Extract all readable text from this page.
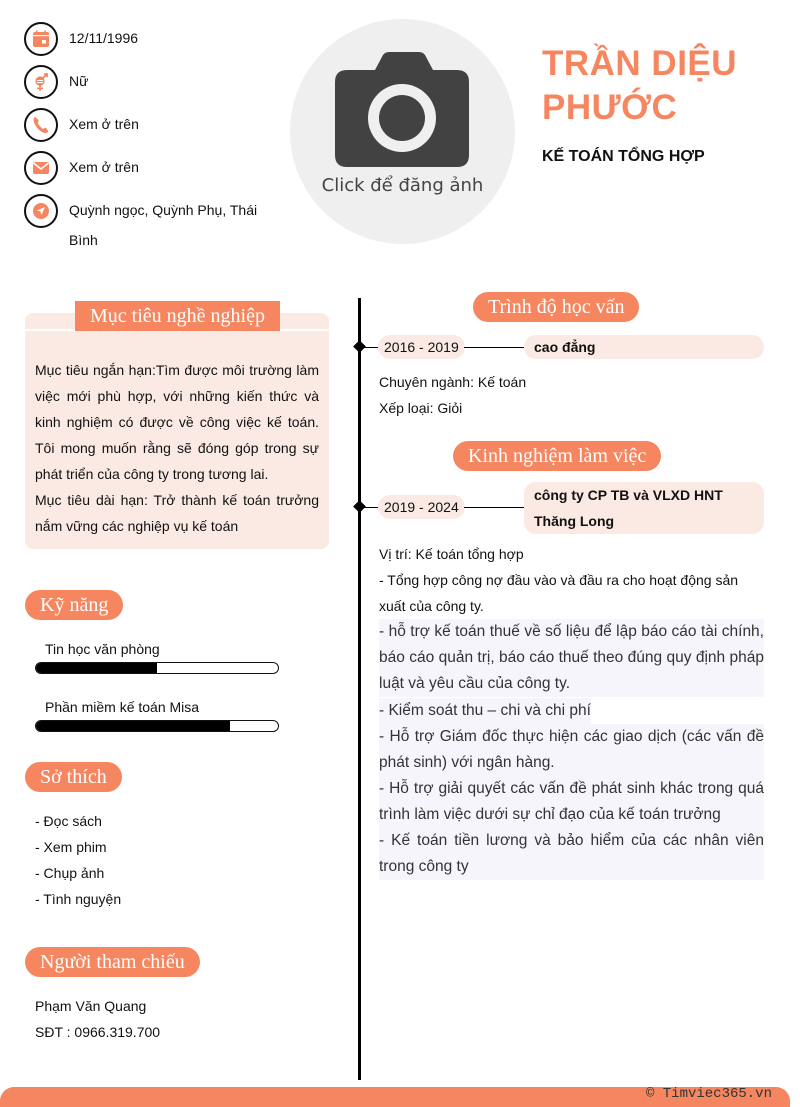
12/11/1996
Nữ
Xem ở trên
Xem ở trên
Quỳnh ngọc, Quỳnh Phụ, Thái Bình
Click để đăng ảnh
TRẦN DIỆU PHƯỚC
KẾ TOÁN TỔNG HỢP
Mục tiêu nghề nghiệp
Mục tiêu ngắn hạn:Tìm được môi trường làm việc mới phù hợp, với những kiến thức và kinh nghiệm có được về công việc kế toán. Tôi mong muốn rằng sẽ đóng góp trong sự phát triển của công ty trong tương lai.
Mục tiêu dài hạn: Trở thành kế toán trưởng nắm vững các nghiệp vụ kế toán
Kỹ năng
Tin học văn phòng
Phần miềm kế toán Misa
Sở thích
- Đọc sách
- Xem phim
- Chụp ảnh
- Tình nguyện
Người tham chiếu
Phạm Văn Quang
SĐT : 0966.319.700
Trình độ học vấn
2016 - 2019	cao đẳng
Chuyên ngành: Kế toán
Xếp loại: Giỏi
Kinh nghiệm làm việc
2019 - 2024
công ty CP TB và VLXD HNT Thăng Long
Vị trí: Kế toán tổng hợp
- Tổng hợp công nợ đầu vào và đầu ra cho hoạt động sản xuất của công ty.
- hỗ trợ kế toán thuế về số liệu để lập báo cáo tài chính, báo cáo quản trị, báo cáo thuế theo đúng quy định pháp luật và yêu cầu của công ty.
- Kiểm soát thu – chi và chi phí
- Hỗ trợ Giám đốc thực hiện các giao dịch (các vấn đề phát sinh) với ngân hàng.
- Hỗ trợ giải quyết các vấn đề phát sinh khác trong quá trình làm việc dưới sự chỉ đạo của kế toán trưởng
- Kế toán tiền lương và bảo hiểm của các nhân viên trong công ty
© Timviec365.vn
